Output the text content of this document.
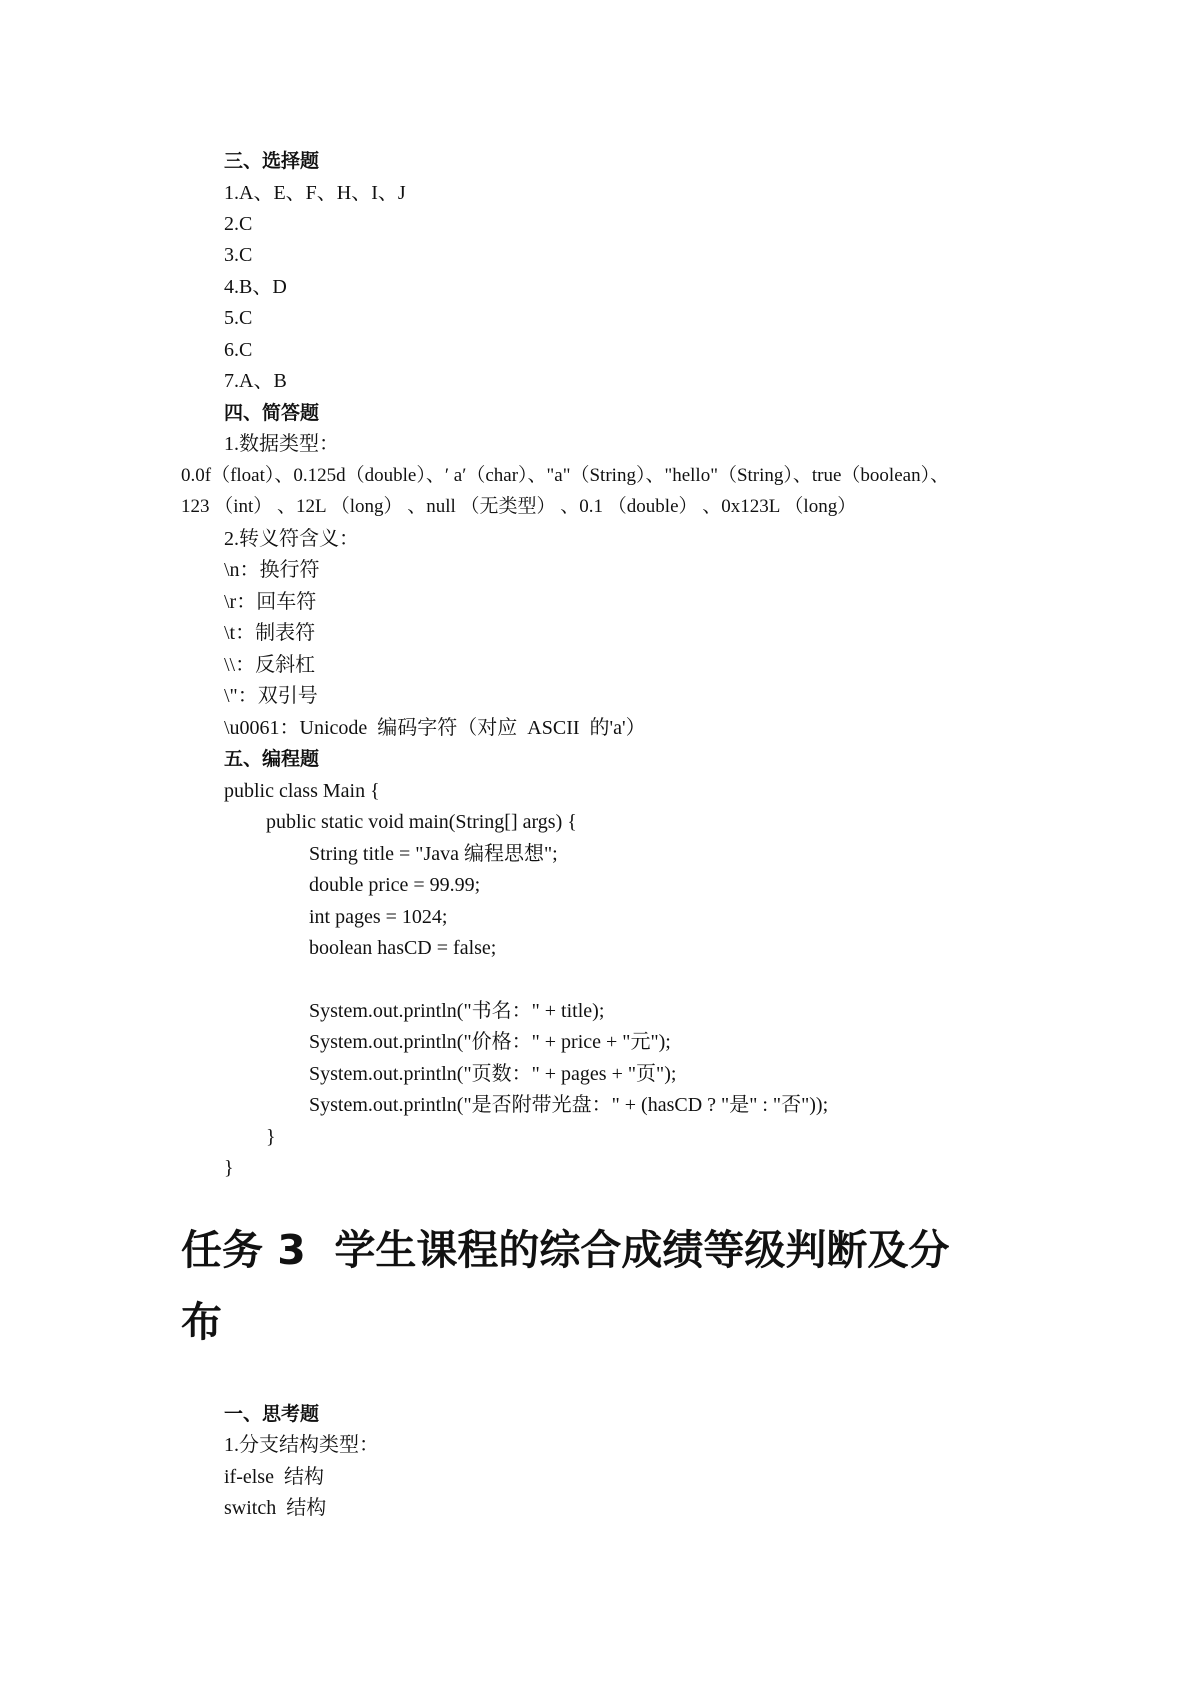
三、选择题
1.A、E、F、H、I、J
2.C
3.C
4.B、D
5.C
6.C
7.A、B
四、简答题
1.数据类型：
0.0f（float）、0.125d（double）、′ a′（char）、"a"（String）、"hello"（String）、true（boolean）、
123 （int） 、12L （long） 、null （无类型） 、0.1 （double） 、0x123L （long）
2.转义符含义：
\n：换行符
\r：回车符
\t：制表符
\\：反斜杠
\"：双引号
\u0061：Unicode  编码字符（对应  ASCII  的'a'）
五、编程题
public class Main {
public static void main(String[] args) {
String title = "Java 编程思想";
double price = 99.99;
int pages = 1024;
boolean hasCD = false;
System.out.println("书名：" + title);
System.out.println("价格：" + price + "元");
System.out.println("页数：" + pages + "页");
System.out.println("是否附带光盘：" + (hasCD ? "是" : "否"));
}
}
任务 3  学生课程的综合成绩等级判断及分
布
一、思考题
1.分支结构类型：
if-else  结构
switch  结构
